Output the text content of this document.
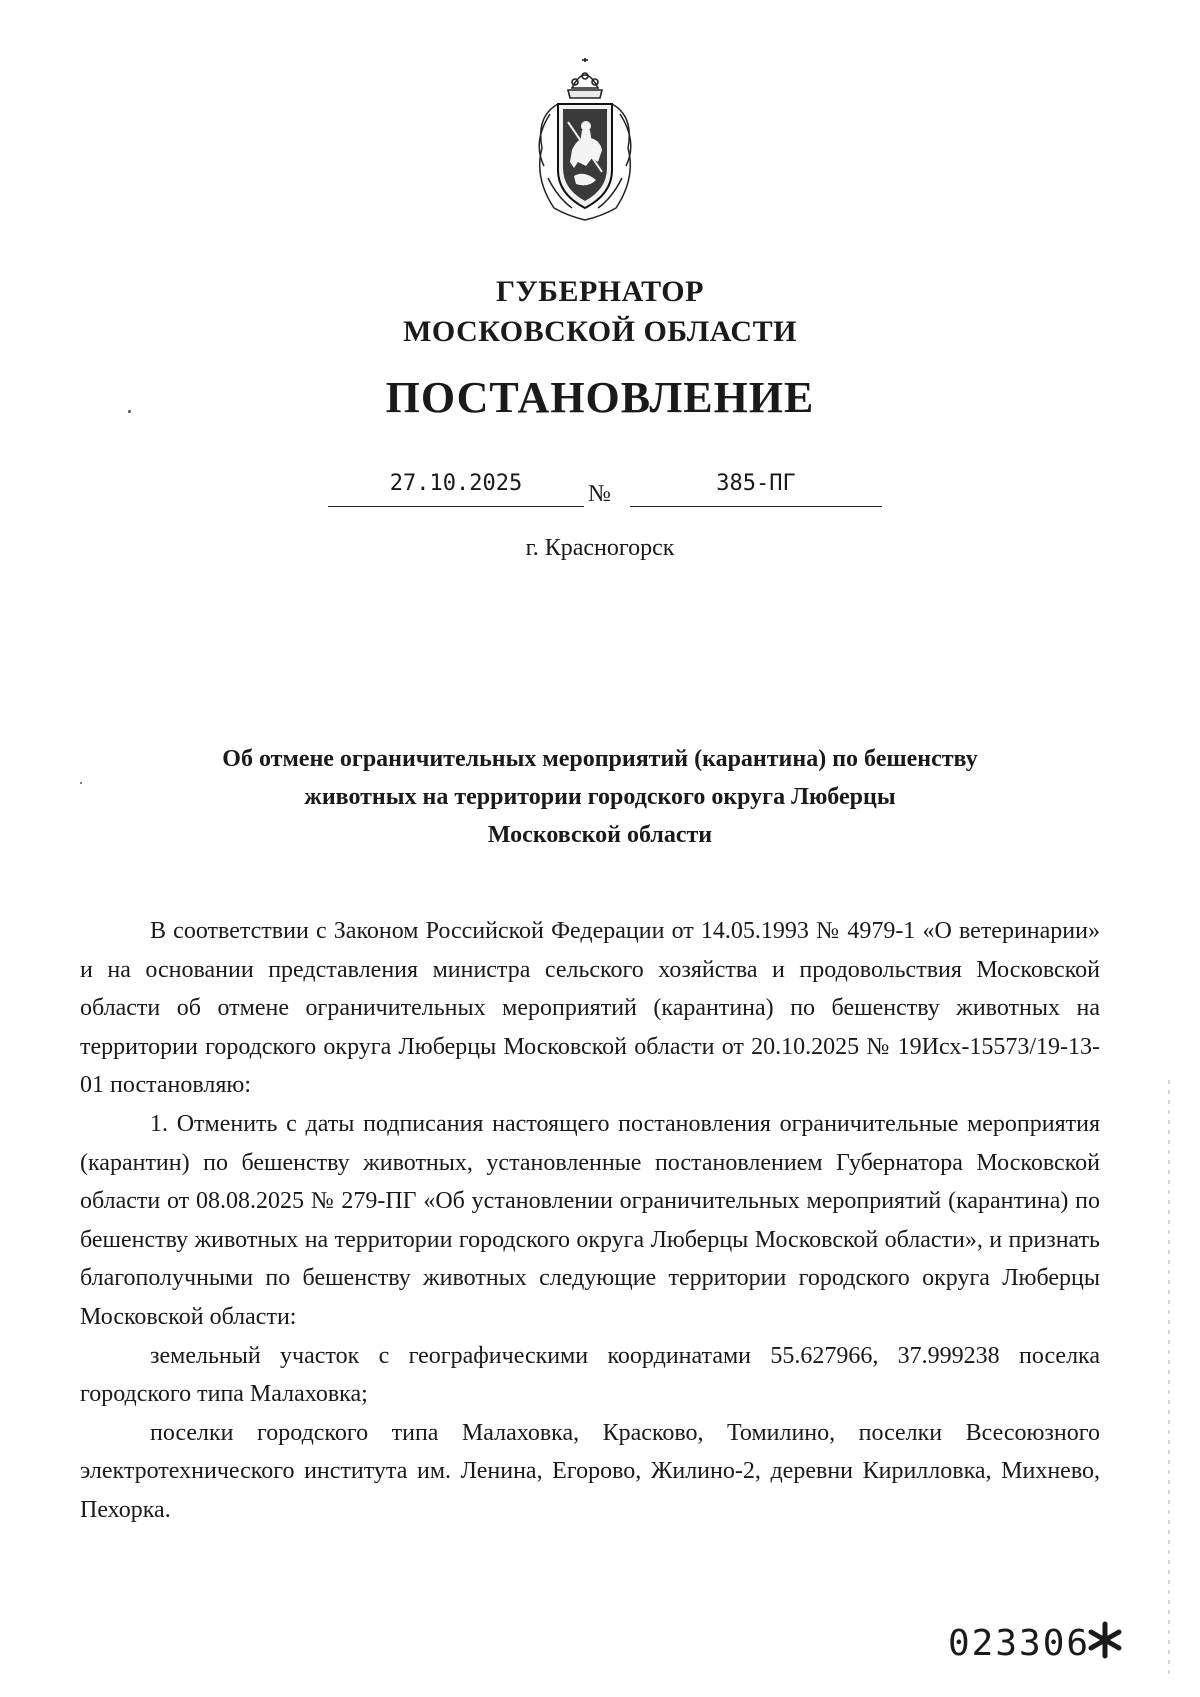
ГУБЕРНАТОР
МОСКОВСКОЙ ОБЛАСТИ
ПОСТАНОВЛЕНИЕ
27.10.2025	№	385-ПГ
г. Красногорск
Об отмене ограничительных мероприятий (карантина) по бешенству
животных на территории городского округа Люберцы
Московской области

В соответствии с Законом Российской Федерации от 14.05.1993 № 4979-1 «О ветеринарии» и на основании представления министра сельского хозяйства и продовольствия Московской области об отмене ограничительных мероприятий (карантина) по бешенству животных на территории городского округа Люберцы Московской области от 20.10.2025 № 19Исх-15573/19-13-01 постановляю:

1. Отменить с даты подписания настоящего постановления ограничительные мероприятия (карантин) по бешенству животных, установленные постановлением Губернатора Московской области от 08.08.2025 № 279-ПГ «Об установлении ограничительных мероприятий (карантина) по бешенству животных на территории городского округа Люберцы Московской области», и признать благополучными по бешенству животных следующие территории городского округа Люберцы Московской области:

земельный участок с географическими координатами 55.627966, 37.999238 поселка городского типа Малаховка;

поселки городского типа Малаховка, Красково, Томилино, поселки Всесоюзного электротехнического института им. Ленина, Егорово, Жилино-2, деревни Кирилловка, Михнево, Пехорка.

023306
